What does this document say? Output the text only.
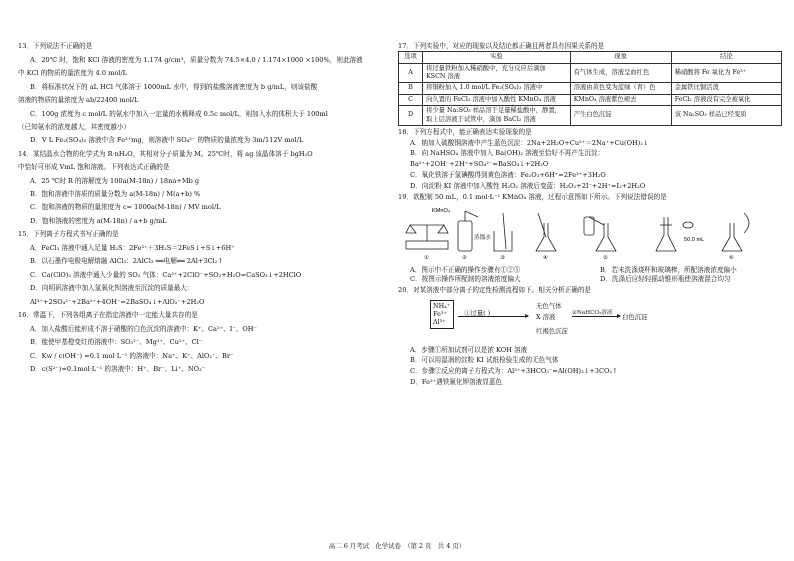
13．下列说法不正确的是
A．20℃ 时，饱和 KCl 溶液的密度为 1.174 g/cm³，质量分数为 74.5×4.0 / 1.174×1000 ×100%，则此溶液
中 KCl 的物质的量浓度为 4.0 mol/L
B．将标准状况下的 aL HCl 气体溶于 1000mL 水中，得到的盐酸溶液密度为 b g/mL，则该盐酸
溶液的物质的量浓度为 ab/22400 mol/L
C．100g 浓度为 c mol/L 的氨水中加入一定量的水稀释成 0.5c mol/L，则加入水的体积大于 100ml
（已知氨水的浓度越大，其密度越小）
D．V L Fe₂(SO₄)₃ 溶液中含 Fe³⁺mg，则溶液中 SO₄²⁻ 的物质的量浓度为 3m/112V mol/L
14．某结晶水合物的化学式为 R·nH₂O，其相对分子质量为 M。25℃时，将 ag 该晶体溶于 bgH₂O
中恰好可形成 VmL 饱和溶液。下列表达式正确的是
A．25 ℃时 R 的溶解度为 100a(M-18n) / 18na+Mb g
B．饱和溶液中溶质的质量分数为 a(M-18n) / M(a+b) %
C．饱和溶液的物质的量浓度为 c= 1000a(M-18n) / MV mol/L
D．饱和溶液的密度为 a(M-18n) / a+b g/mL
15．下列离子方程式书写正确的是
A．FeCl₃ 溶液中通入足量 H₂S：2Fe³⁺＋3H₂S＝2FeS↓+S↓+6H⁺
B．以石墨作电极电解熔融 AlCl₃：2AlCl₃ ══电解══ 2Al+3Cl₂↑
C．Ca(ClO)₂ 溶液中通入少量的 SO₂ 气体：Ca²⁺+2ClO⁻+SO₂+H₂O=CaSO₃↓+2HClO
D．向明矾溶液中加入氢氧化钡溶液至沉淀的质量最大：
Al³⁺+2SO₄²⁻+2Ba²⁺+4OH⁻=2BaSO₄↓+AlO₂⁻+2H₂O
16．常温下，下列各组离子在指定溶液中一定能大量共存的是
A．加入盐酸后能形成不溶于硝酸的白色沉淀的溶液中：K⁺、Ca²⁺、I⁻、OH⁻
B．能使甲基橙变红的溶液中：SO₃²⁻、Mg²⁺、Cu²⁺、Cl⁻
C．Kw / c(OH⁻) =0.1 mol·L⁻¹ 的溶液中：Na⁺、K⁺、AlO₂⁻、Br⁻
D．c(S²⁻)=0.1mol·L⁻¹ 的溶液中：H⁺、Br⁻、Li⁺、NO₃⁻
17．下列实验中，对应的现象以及结论都正确且两者具有因果关系的是
选项	实验	现象	结论
A	将过量铁粉加入稀硝酸中，充分反应后滴加 KSCN 溶液	有气体生成，溶液呈血红色	稀硝酸将 Fe 氧化为 Fe³⁺
B	将铜粉加入 1.0 mol/L Fe₂(SO₄)₃ 溶液中	溶液由黄色变为蓝绿（青）色	金属铁比铜活泼
C	向久置的 FeCl₂ 溶液中加入酸性 KMnO₄ 溶液	KMnO₄ 溶液紫色褪去	FeCl₂ 溶液没有完全被氧化
D	将少量 Na₂SO₃ 样品溶于足量稀盐酸中，静置，取上层溶液于试管中，滴加 BaCl₂ 溶液	产生白色沉淀	该 Na₂SO₃ 样品已经变质
18．下列方程式中，能正确表达实验现象的是
A．钠加入硫酸铜溶液中产生蓝色沉淀：2Na+2H₂O+Cu²⁺＝2Na⁺+Cu(OH)₂↓
B．向 NaHSO₄ 溶液中加入 Ba(OH)₂ 溶液至恰好不再产生沉淀：
Ba²⁺+2OH⁻+2H⁺+SO₄²⁻=BaSO₄↓+2H₂O
C．氧化铁溶于氢碘酸得到黄色溶液：Fe₂O₃+6H⁺=2Fe³⁺+3H₂O
D．向淀粉 KI 溶液中加入酸性 H₂O₂ 溶液后变蓝：H₂O₂+2I⁻+2H⁺=I₂+2H₂O
19．欲配制 50 mL，0.1 mol·L⁻¹ KMnO₄ 溶液，过程示意图如下所示。下列说法错误的是
KMnO₄
蒸馏水	50.0 mL
①	②	③	④	⑤	⑥
A．图示中不正确的操作步骤有①②⑤	B．若未洗涤烧杯和玻璃棒，所配溶液浓度偏小
C．按图示操作所配制的溶液浓度偏大	D．洗涤后应轻轻摇动锥形瓶使溶液混合均匀
20．对某溶液中部分离子的定性检测流程如下。相关分析正确的是
NH₄⁺
Fe³⁺
Al³⁺
①过量( )
无色气体
X 溶液	②NaHCO₃溶液 白色沉淀
红褐色沉淀
A．步骤①所加试剂可以是浓 KOH 溶液
B．可以用湿润的淀粉 KI 试纸检验生成的无色气体
C．步骤②反应的离子方程式为：Al³⁺+3HCO₃⁻=Al(OH)₃↓+3CO₂↑
D．Fe²⁺遇铁氰化钾溶液显蓝色
高二 6 月考试　化学试卷　（第 2 页　共 4 页）
